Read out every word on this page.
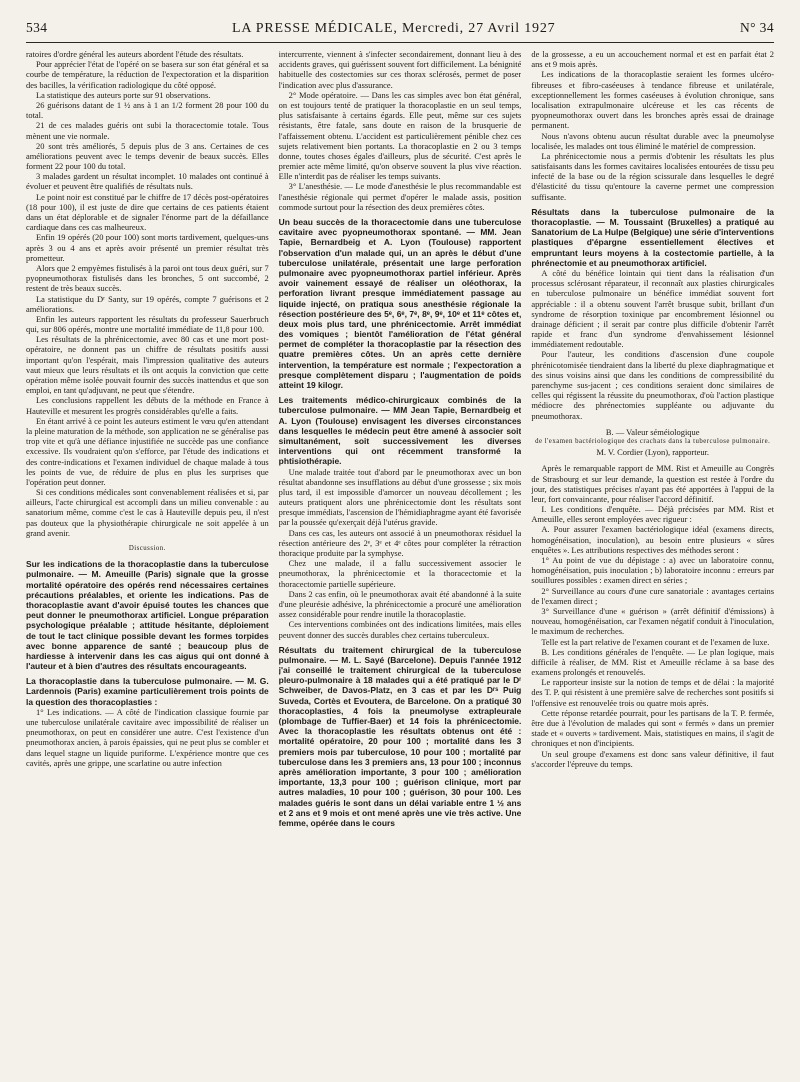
534	LA PRESSE MÉDICALE, Mercredi, 27 Avril 1927	N° 34

ratoires d'ordre général les auteurs abordent l'étude des résultats.

Pour apprécier l'état de l'opéré on se basera sur son état général et sa courbe de température, la réduction de l'expectoration et la disparition des bacilles, la vérification radiologique du côté opposé.

La statistique des auteurs porte sur 91 observations.

26 guérisons datant de 1 ½ ans à 1 an 1/2 forment 28 pour 100 du total.

21 de ces malades guéris ont subi la thoracectomie totale. Tous mènent une vie normale.

20 sont très améliorés, 5 depuis plus de 3 ans. Certaines de ces améliorations peuvent avec le temps devenir de beaux succès. Elles forment 22 pour 100 du total.

3 malades gardent un résultat incomplet. 10 malades ont continué à évoluer et peuvent être qualifiés de résultats nuls.

Le point noir est constitué par le chiffre de 17 décès post-opératoires (18 pour 100), il est juste de dire que certains de ces patients étaient dans un état déplorable et de signaler l'énorme part de la défaillance cardiaque dans ces cas malheureux.

Enfin 19 opérés (20 pour 100) sont morts tardivement, quelques-uns après 3 ou 4 ans et après avoir présenté un premier résultat très prometteur.

Alors que 2 empyèmes fistulisés à la paroi ont tous deux guéri, sur 7 pyopneumothorax fistulisés dans les bronches, 5 ont succombé, 2 restent de très beaux succès.

La statistique du Dʳ Santy, sur 19 opérés, compte 7 guérisons et 2 améliorations.

Enfin les auteurs rapportent les résultats du professeur Sauerbruch qui, sur 806 opérés, montre une mortalité immédiate de 11,8 pour 100.

Les résultats de la phrénicectomie, avec 80 cas et une mort post-opératoire, ne donnent pas un chiffre de résultats positifs aussi important qu'on l'espérait, mais l'impression qualitative des auteurs vaut mieux que leurs résultats et ils ont acquis la conviction que cette opération même isolée pouvait fournir des succès inattendus et que son emploi, en tant qu'adjuvant, ne peut que s'étendre.

Les conclusions rappellent les débuts de la méthode en France à Hauteville et mesurent les progrès considérables qu'elle a faits.

En étant arrivé à ce point les auteurs estiment le vœu qu'en attendant la pleine maturation de la méthode, son application ne se généralise pas trop vite et qu'à une défiance injustifiée ne succède pas une confiance excessive. Ils voudraient qu'on s'efforce, par l'étude des indications et des contre-indications et l'examen individuel de chaque malade à tous les points de vue, de réduire de plus en plus les surprises que l'opération peut donner.

Si ces conditions médicales sont convenablement réalisées et si, par ailleurs, l'acte chirurgical est accompli dans un milieu convenable : au sanatorium même, comme c'est le cas à Hauteville depuis peu, il n'est pas douteux que la physiothérapie chirurgicale ne soit appelée à un grand avenir.

Discussion.

Sur les indications de la thoracoplastie dans la tuberculose pulmonaire. — M. Ameuille (Paris) signale que la grosse mortalité opératoire des opérés rend nécessaires certaines précautions préalables, et oriente les indications. Pas de thoracoplastie avant d'avoir épuisé toutes les chances que peut donner le pneumothorax artificiel. Longue préparation psychologique préalable ; attitude hésitante, déploiement de tout le tact clinique possible devant les formes torpides avec bonne apparence de santé ; beaucoup plus de hardiesse à intervenir dans les cas aigus qui ont donné à l'auteur et à bien d'autres des résultats encourageants.

La thoracoplastie dans la tuberculose pulmonaire. — M. G. Lardennois (Paris) examine particulièrement trois points de la question des thoracoplasties :

1° Les indications. — A côté de l'indication classique fournie par une tuberculose unilatérale cavitaire avec impossibilité de réaliser un pneumothorax, on peut en considérer une autre. C'est l'existence d'un pneumothorax ancien, à parois épaissies, qui ne peut plus se combler et dans lequel stagne un liquide puriforme. L'expérience montre que ces cavités, après une grippe, une scarlatine ou autre infection

intercurrente, viennent à s'infecter secondairement, donnant lieu à des accidents graves, qui guérissent souvent fort difficilement. La bénignité habituelle des costectomies sur ces thorax sclérosés, permet de poser l'indication avec plus d'assurance.

2° Mode opératoire. — Dans les cas simples avec bon état général, on est toujours tenté de pratiquer la thoracoplastie en un seul temps, plus satisfaisante à certains égards. Elle peut, même sur ces sujets résistants, être fatale, sans doute en raison de la brusquerie de l'affaissement obtenu. L'accident est particulièrement pénible chez ces sujets relativement bien portants. La thoracoplastie en 2 ou 3 temps donne, toutes choses égales d'ailleurs, plus de sécurité. C'est après le premier acte même limité, qu'on observe souvent la plus vive réaction. Elle n'interdit pas de réaliser les temps suivants.

3° L'anesthésie. — Le mode d'anesthésie le plus recommandable est l'anesthésie régionale qui permet d'opérer le malade assis, position commode surtout pour la résection des deux premières côtes.

Un beau succès de la thoracectomie dans une tuberculose cavitaire avec pyopneumothorax spontané. — MM. Jean Tapie, Bernardbeig et A. Lyon (Toulouse) rapportent l'observation d'un malade qui, un an après le début d'une tuberculose unilatérale, présentait une large perforation pulmonaire avec pyopneumothorax partiel inférieur. Après avoir vainement essayé de réaliser un oléothorax, la perforation livrant presque immédiatement passage au liquide injecté, on pratiqua sous anesthésie régionale la résection postérieure des 5ᵉ, 6ᵉ, 7ᵉ, 8ᵉ, 9ᵉ, 10ᵉ et 11ᵉ côtes et, deux mois plus tard, une phrénicectomie. Arrêt immédiat des vomiques ; bientôt l'amélioration de l'état général permet de compléter la thoracoplastie par la résection des quatre premières côtes. Un an après cette dernière intervention, la température est normale ; l'expectoration a presque complètement disparu ; l'augmentation de poids atteint 19 kilogr.

Les traitements médico-chirurgicaux combinés de la tuberculose pulmonaire. — MM Jean Tapie, Bernardbeig et A. Lyon (Toulouse) envisagent les diverses circonstances dans lesquelles le médecin peut être amené à associer soit simultanément, soit successivement les diverses interventions qui ont récemment transformé la phtisiothérapie.

Une malade traitée tout d'abord par le pneumothorax avec un bon résultat abandonne ses insufflations au début d'une grossesse ; six mois plus tard, il est impossible d'amorcer un nouveau décollement ; les auteurs pratiquent alors une phrénicectomie dont les résultats sont presque immédiats, l'ascension de l'hémidiaphragme ayant été favorisée par la poussée qu'exerçait déjà l'utérus gravide.

Dans ces cas, les auteurs ont associé à un pneumothorax résiduel la résection antérieure des 2ᵉ, 3ᵉ et 4ᵉ côtes pour compléter la rétraction thoracique produite par la symphyse.

Chez une malade, il a fallu successivement associer le pneumothorax, la phrénicectomie et la thoracectomie et la thoracectomie partielle supérieure.

Dans 2 cas enfin, où le pneumothorax avait été abandonné à la suite d'une pleurésie adhésive, la phrénicectomie a procuré une amélioration assez considérable pour rendre inutile la thoracoplastie.

Ces interventions combinées ont des indications limitées, mais elles peuvent donner des succès durables chez certains tuberculeux.

Résultats du traitement chirurgical de la tuberculose pulmonaire. — M. L. Sayé (Barcelone). Depuis l'année 1912 j'ai conseillé le traitement chirurgical de la tuberculose pleuro-pulmonaire à 18 malades qui a été pratiqué par le Dʳ Schweiber, de Davos-Platz, en 3 cas et par les Dʳˢ Puig Suveda, Cortès et Evoutera, de Barcelone. On a pratiqué 30 thoracoplasties, 4 fois la pneumolyse extrapleurale (plombage de Tuffier-Baer) et 14 fois la phrénicectomie. Avec la thoracoplastie les résultats obtenus ont été : mortalité opératoire, 20 pour 100 ; mortalité dans les 3 premiers mois par tuberculose, 10 pour 100 ; mortalité par tuberculose dans les 3 premiers ans, 13 pour 100 ; inconnus après amélioration importante, 3 pour 100 ; amélioration importante, 13,3 pour 100 ; guérison clinique, mort par autres maladies, 10 pour 100 ; guérison, 30 pour 100. Les malades guéris le sont dans un délai variable entre 1 ½ ans et 2 ans et 9 mois et ont mené après une vie très active. Une femme, opérée dans le cours

de la grossesse, a eu un accouchement normal et est en parfait état 2 ans et 9 mois après.

Les indications de la thoracoplastie seraient les formes ulcéro-fibreuses et fibro-caséeuses à tendance fibreuse et unilatérale, exceptionnellement les formes caséeuses à évolution chronique, sans localisation extrapulmonaire ulcéreuse et les cas récents de pyopneumothorax ouvert dans les bronches après essai de drainage permanent.

Nous n'avons obtenu aucun résultat durable avec la pneumolyse localisée, les malades ont tous éliminé le matériel de compression.

La phrénicectomie nous a permis d'obtenir les résultats les plus satisfaisants dans les formes cavitaires localisées entourées de tissu peu infecté de la base ou de la région scissurale dans lesquelles le degré d'élasticité du tissu qu'entoure la caverne permet une compression suffisante.

Résultats dans la tuberculose pulmonaire de la thoracoplastie. — M. Toussaint (Bruxelles) a pratiqué au Sanatorium de La Hulpe (Belgique) une série d'interventions plastiques d'épargne essentiellement électives et empruntant leurs moyens à la costectomie partielle, à la phrénectomie et au pneumothorax artificiel.

A côté du bénéfice lointain qui tient dans la réalisation d'un processus sclérosant réparateur, il reconnaît aux plasties chirurgicales en tuberculose pulmonaire un bénéfice immédiat souvent fort appréciable : il a obtenu souvent l'arrêt brusque subit, brillant d'un syndrome de résorption toxinique par encombrement lésionnel ou drainage déficient ; il serait par contre plus difficile d'obtenir l'arrêt rapide et franc d'un syndrome d'envahissement lésionnel immédiatement redoutable.

Pour l'auteur, les conditions d'ascension d'une coupole phrénicotomisée tiendraient dans la liberté du plexe diaphragmatique et des sinus voisins ainsi que dans les conditions de compressibilité du parenchyme sus-jacent ; ces conditions seraient donc similaires de celles qui régissent la réussite du pneumothorax, d'où l'action plastique médiocre des phrénectomies suppléante ou adjuvante du pneumothorax.

B. — Valeur séméiologique

de l'examen bactériologique des crachats dans la tuberculose pulmonaire.

M. V. Cordier (Lyon), rapporteur.

Après le remarquable rapport de MM. Rist et Ameuille au Congrès de Strasbourg et sur leur demande, la question est restée à l'ordre du jour, des statistiques précises n'ayant pas été apportées à l'appui de la leur, fort convaincante, pour réaliser l'accord définitif.

I. Les conditions d'enquête. — Déjà précisées par MM. Rist et Ameuille, elles seront employées avec rigueur :

A. Pour assurer l'examen bactériologique idéal (examens directs, homogénéisation, inoculation), au besoin entre plusieurs « sûres enquêtes ». Les attributions respectives des méthodes seront :

1° Au point de vue du dépistage : a) avec un laboratoire connu, homogénéisation, puis inoculation ; b) laboratoire inconnu : erreurs par souillures possibles : examen direct en séries ;

2° Surveillance au cours d'une cure sanatoriale : avantages certains de l'examen direct ;

3° Surveillance d'une « guérison » (arrêt définitif d'émissions) à nouveau, homogénéisation, car l'examen négatif conduit à l'inoculation, le maximum de recherches.

Telle est la part relative de l'examen courant et de l'examen de luxe.

B. Les conditions générales de l'enquête. — Le plan logique, mais difficile à réaliser, de MM. Rist et Ameuille réclame à sa base des examens prolongés et renouvelés.

Le rapporteur insiste sur la notion de temps et de délai : la majorité des T. P. qui résistent à une première salve de recherches sont positifs si l'offensive est renouvelée trois ou quatre mois après.

Cette réponse retardée pourrait, pour les partisans de la T. P. fermée, être due à l'évolution de malades qui sont « fermés » dans un premier stade et « ouverts » tardivement. Mais, statistiques en mains, il s'agit de chroniques et non d'incipients.

Un seul groupe d'examens est donc sans valeur définitive, il faut s'accorder l'épreuve du temps.
